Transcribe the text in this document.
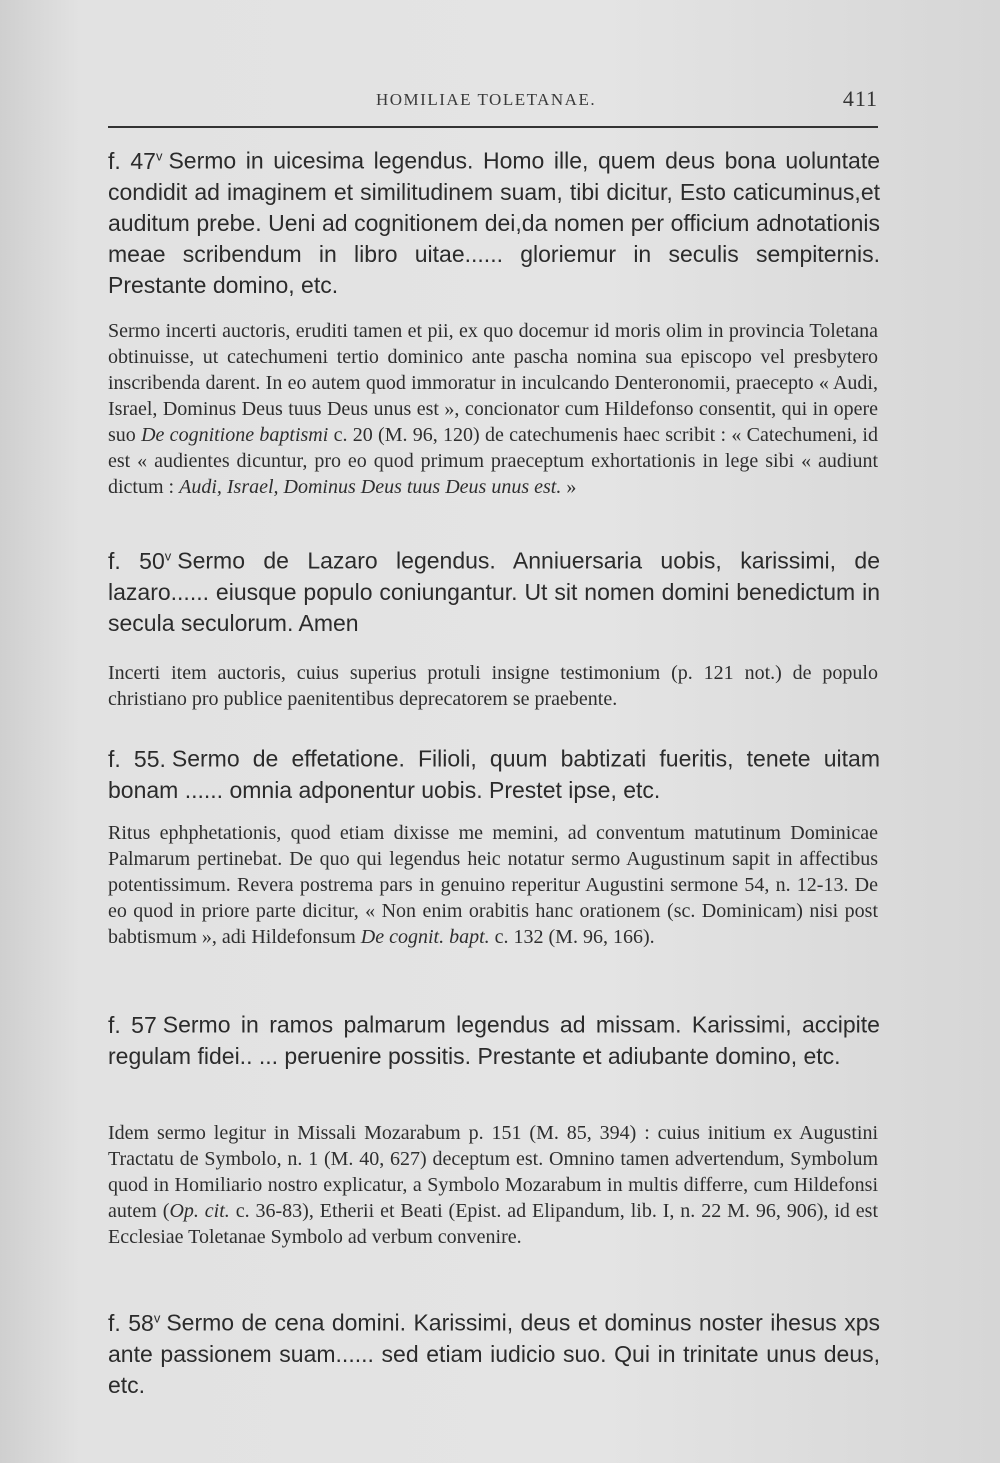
HOMILIAE TOLETANAE.	411
f. 47$^v$ Sermo in uicesima legendus. Homo ille, quem deus bona uoluntate condidit ad imaginem et similitudinem suam, tibi dicitur, Esto caticuminus,et auditum prebe. Ueni ad cognitionem dei,da nomen per officium adnotationis meae scribendum in libro uitae...... gloriemur in seculis sempiternis. Prestante domino, etc.
Sermo incerti auctoris, eruditi tamen et pii, ex quo docemur id moris olim in provincia Toletana obtinuisse, ut catechumeni tertio dominico ante pascha nomina sua episcopo vel presbytero inscribenda darent. In eo autem quod immoratur in inculcando Denteronomii, praecepto « Audi, Israel, Dominus Deus tuus Deus unus est », concionator cum Hildefonso consentit, qui in opere suo De cognitione baptismi c. 20 (M. 96, 120) de catechumenis haec scribit : « Catechumeni, id est « audientes dicuntur, pro eo quod primum praeceptum exhortationis in lege sibi « audiunt dictum : Audi, Israel, Dominus Deus tuus Deus unus est. »
f. 50$^v$ Sermo de Lazaro legendus. Anniuersaria uobis, karissimi, de lazaro...... eiusque populo coniungantur. Ut sit nomen domini benedictum in secula seculorum. Amen
Incerti item auctoris, cuius superius protuli insigne testimonium (p. 121 not.) de populo christiano pro publice paenitentibus deprecatorem se praebente.
f. 55. Sermo de effetatione. Filioli, quum babtizati fueritis, tenete uitam bonam ...... omnia adponentur uobis. Prestet ipse, etc.
Ritus ephphetationis, quod etiam dixisse me memini, ad conventum matutinum Dominicae Palmarum pertinebat. De quo qui legendus heic notatur sermo Augustinum sapit in affectibus potentissimum. Revera postrema pars in genuino reperitur Augustini sermone 54, n. 12-13. De eo quod in priore parte dicitur, « Non enim orabitis hanc orationem (sc. Dominicam) nisi post babtismum », adi Hildefonsum De cognit. bapt. c. 132 (M. 96, 166).
f. 57 Sermo in ramos palmarum legendus ad missam. Karissimi, accipite regulam fidei.. ... peruenire possitis. Prestante et adiubante domino, etc.
Idem sermo legitur in Missali Mozarabum p. 151 (M. 85, 394) : cuius initium ex Augustini Tractatu de Symbolo, n. 1 (M. 40, 627) deceptum est. Omnino tamen advertendum, Symbolum quod in Homiliario nostro explicatur, a Symbolo Mozarabum in multis differre, cum Hildefonsi autem (Op. cit. c. 36-83), Etherii et Beati (Epist. ad Elipandum, lib. I, n. 22 M. 96, 906), id est Ecclesiae Toletanae Symbolo ad verbum convenire.
f. 58$^v$ Sermo de cena domini. Karissimi, deus et dominus noster ihesus xps ante passionem suam...... sed etiam iudicio suo. Qui in trinitate unus deus, etc.
